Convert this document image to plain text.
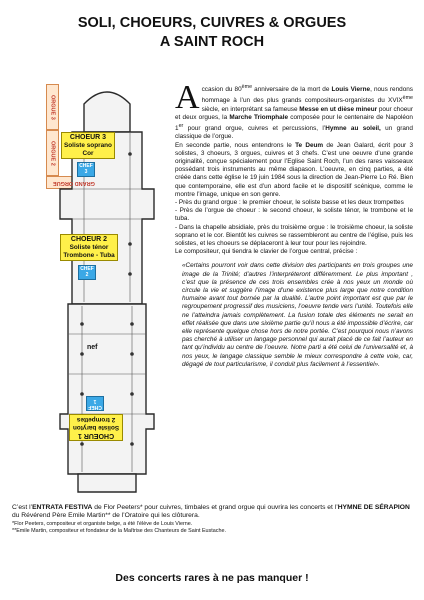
SOLI, CHOEURS, CUIVRES & ORGUES
A SAINT ROCH
CHOEUR 3
Soliste soprano
Cor
CHEF
3
ORGUE 3
CHOEUR 2
Soliste ténor
Trombone - Tuba
CHEF
2
ORGUE 2
nef
CHEF
1
CHOEUR 1
Soliste baryton
2 trompettes
GRAND ORGUE

Accasion du 80ème anniversaire de la mort de Louis Vierne, nous rendons hommage à l’un des plus grands compositeurs-organistes du XVIXème siècle, en interprétant sa fameuse Messe en ut dièse mineur pour choeur et deux orgues, la Marche Triomphale composée pour le centenaire de Napoléon 1er pour grand orgue, cuivres et percussions, l’Hymne au soleil, un grand classique de l’orgue.

En seconde partie, nous entendrons le Te Deum de Jean Galard, écrit pour 3 solistes, 3 choeurs, 3 orgues, cuivres et 3 chefs. C’est une oeuvre d’une grande originalité, conçue spécialement pour l’Eglise Saint Roch, l’un des rares vaisseaux possédant trois instruments au même diapason. L’oeuvre, en cinq parties, a été créée dans cette église le 19 juin 1984 sous la direction de Jean-Pierre Lo Ré. Bien que contemporaine, elle est d’un abord facile et le dispositif scénique, comme le montre l’image, unique en son genre.

- Près du grand orgue : le premier choeur, le soliste basse et les deux trompettes

- Près de l’orgue de choeur : le second choeur, le soliste ténor, le trombone et le tuba.

- Dans la chapelle absidiale, près du troisième orgue : le troisième choeur, la soliste soprano et le cor. Bientôt les cuivres se rassembleront au centre de l’église, puis les solistes, et les choeurs se déplaceront à leur tour pour les rejoindre.

Le compositeur, qui tiendra le clavier de l’orgue central, précise :

«Certains pourront voir dans cette division des participants en trois groupes une image de la Trinité; d’autres l’interpréteront différemment. Le plus important , c’est que la présence de ces trois ensembles crée à nos yeux un monde où circule la vie et suggère l’image d’une existence plus large que notre condition humaine avant tout bornée par la dualité. L’autre point important est que par le regroupement progressif des musiciens, l’oeuvre tende vers l’unité. Toutefois elle ne l’atteindra jamais complètement. La fusion totale des éléments ne serait en effet réalisée que dans une sixième partie qu’il nous a été impossible d’écrire, car elle représente quelque chose hors de notre portée. C’est pourquoi nous n’avons pas cherché à utiliser un langage personnel qui aurait placé de ce fait l’auteur en tant qu’individu au centre de l’oeuvre. Notre parti a été celui de l’universalité et, à nos yeux, le langage classique semble le mieux correspondre à cette voie, car, dégagé de tout particularisme, il conduit plus facilement à l’essentiel».

C’est l’ENTRATA FESTIVA de Flor Peeters* pour cuivres, timbales et grand orgue qui ouvrira les concerts et l’HYMNE DE SÉRAPION du Révérend Père Emile Martin** de l’Oratoire qui les clôturera.

*Flor Peeters, compositeur et organiste belge, a été l’élève de Louis Vierne.

**Emile Martin, compositeur et fondateur de la Maîtrise des Chanteurs de Saint Eustache.

Des concerts rares à ne pas manquer !
